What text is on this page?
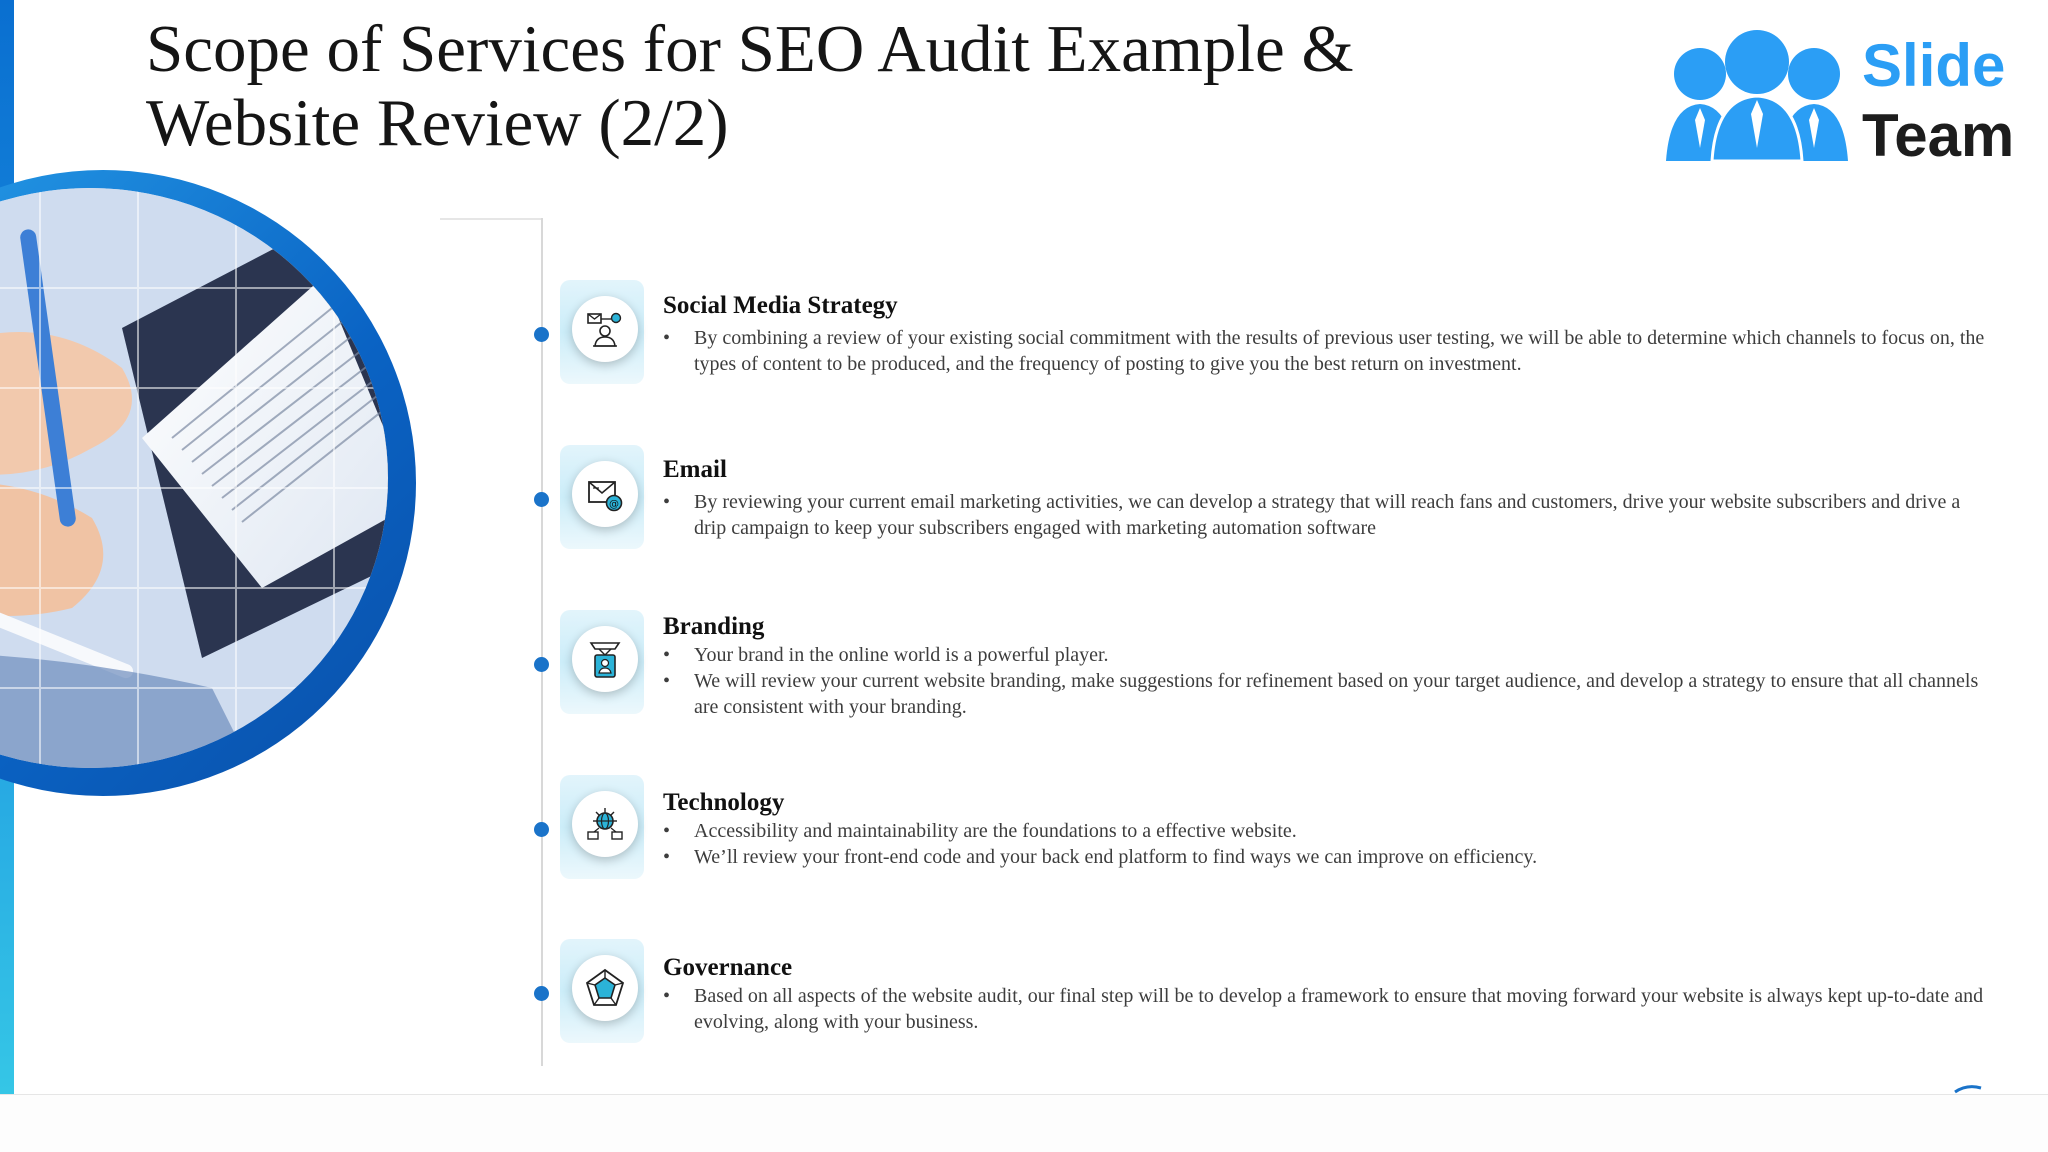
Scope of Services for SEO Audit Example &
Website Review (2/2)
Slide
Team
Social Media Strategy
• By combining a review of your existing social commitment with the results of previous user testing, we will be able to determine which channels to focus on, the types of content to be produced, and the frequency of posting to give you the best return on investment.
@
Email
• By reviewing your current email marketing activities, we can develop a strategy that will reach fans and customers, drive your website subscribers and drive a drip campaign to keep your subscribers engaged with marketing automation software
Branding
• Your brand in the online world is a powerful player.
• We will review your current website branding, make suggestions for refinement based on your target audience, and develop a strategy to ensure that all channels are consistent with your branding.
Technology
• Accessibility and maintainability are the foundations to a effective website.
• We’ll review your front-end code and your back end platform to find ways we can improve on efficiency.
Governance
• Based on all aspects of the website audit, our final step will be to develop a framework to ensure that moving forward your website is always kept up-to-date and evolving, along with your business.
